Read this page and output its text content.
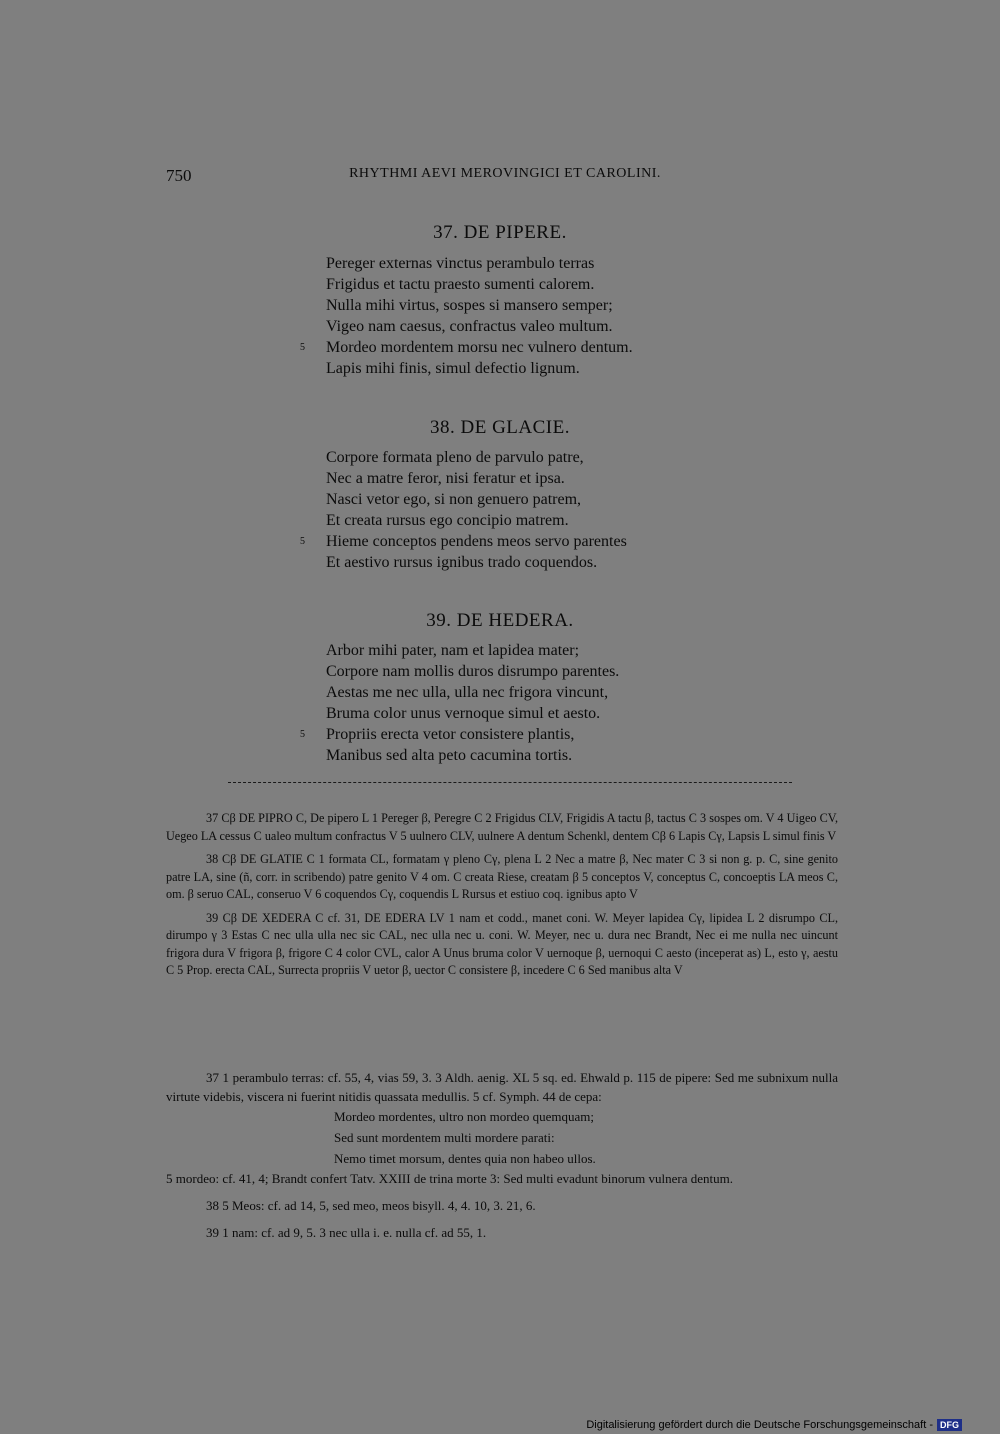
750	RHYTHMI AEVI MEROVINGICI ET CAROLINI.
37. DE PIPERE.
Pereger externas vinctus perambulo terras
Frigidus et tactu praesto sumenti calorem.
Nulla mihi virtus, sospes si mansero semper;
Vigeo nam caesus, confractus valeo multum.
5 Mordeo mordentem morsu nec vulnero dentum.
Lapis mihi finis, simul defectio lignum.
38. DE GLACIE.
Corpore formata pleno de parvulo patre,
Nec a matre feror, nisi feratur et ipsa.
Nasci vetor ego, si non genuero patrem,
Et creata rursus ego concipio matrem.
5 Hieme conceptos pendens meos servo parentes
Et aestivo rursus ignibus trado coquendos.
39. DE HEDERA.
Arbor mihi pater, nam et lapidea mater;
Corpore nam mollis duros disrumpo parentes.
Aestas me nec ulla, ulla nec frigora vincunt,
Bruma color unus vernoque simul et aesto.
5 Propriis erecta vetor consistere plantis,
Manibus sed alta peto cacumina tortis.

37 Cβ DE PIPRO C, De pipero L 1 Pereger β, Peregre C 2 Frigidus CLV, Frigidis A tactu β, tactus C 3 sospes om. V 4 Uigeo CV, Uegeo LA cessus C ualeo multum confractus V 5 uulnero CLV, uulnere A dentum Schenkl, dentem Cβ 6 Lapis Cγ, Lapsis L simul finis V

38 Cβ DE GLATIE C 1 formata CL, formatam γ pleno Cγ, plena L 2 Nec a matre β, Nec mater C 3 si non g. p. C, sine genito patre LA, sine (ñ, corr. in scribendo) patre genito V 4 om. C creata Riese, creatam β 5 conceptos V, conceptus C, concoeptis LA meos C, om. β seruo CAL, conseruo V 6 coquendos Cγ, coquendis L Rursus et estiuo coq. ignibus apto V

39 Cβ DE XEDERA C cf. 31, DE EDERA LV 1 nam et codd., manet coni. W. Meyer lapidea Cγ, lipidea L 2 disrumpo CL, dirumpo γ 3 Estas C nec ulla ulla nec sic CAL, nec ulla nec u. coni. W. Meyer, nec u. dura nec Brandt, Nec ei me nulla nec uincunt frigora dura V frigora β, frigore C 4 color CVL, calor A Unus bruma color V uernoque β, uernoqui C aesto (inceperat as) L, esto γ, aestu C 5 Prop. erecta CAL, Surrecta propriis V uetor β, uector C consistere β, incedere C 6 Sed manibus alta V

37 1 perambulo terras: cf. 55, 4, vias 59, 3. 3 Aldh. aenig. XL 5 sq. ed. Ehwald p. 115 de pipere: Sed me subnixum nulla virtute videbis, viscera ni fuerint nitidis quassata medullis. 5 cf. Symph. 44 de cepa:

Mordeo mordentes, ultro non mordeo quemquam;
Sed sunt mordentem multi mordere parati:
Nemo timet morsum, dentes quia non habeo ullos.

5 mordeo: cf. 41, 4; Brandt confert Tatv. XXIII de trina morte 3: Sed multi evadunt binorum vulnera dentum.

38 5 Meos: cf. ad 14, 5, sed meo, meos bisyll. 4, 4. 10, 3. 21, 6.

39 1 nam: cf. ad 9, 5. 3 nec ulla i. e. nulla cf. ad 55, 1.

Digitalisierung gefördert durch die Deutsche Forschungsgemeinschaft - DFG
